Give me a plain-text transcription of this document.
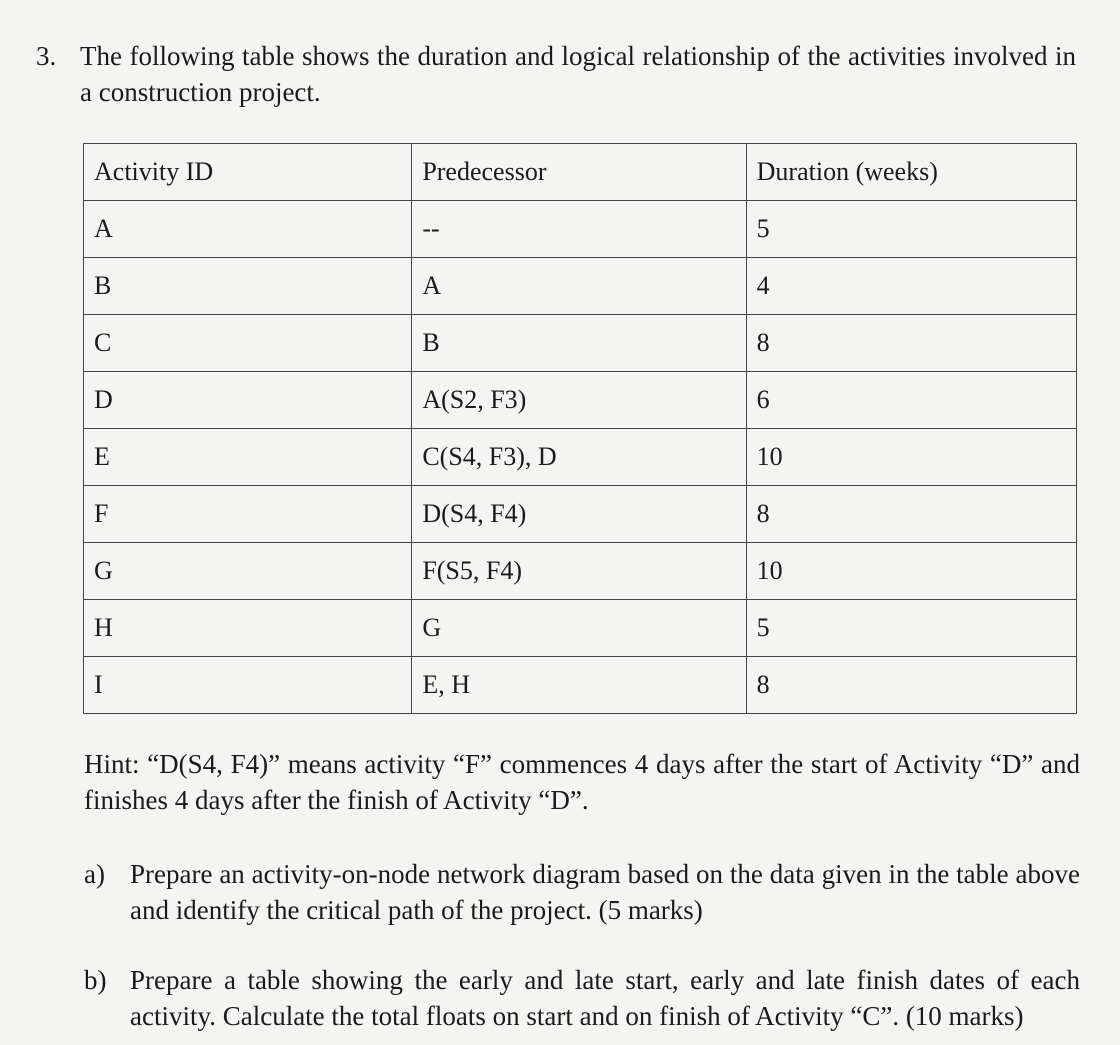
3. The following table shows the duration and logical relationship of the activities involved in a construction project.
Activity ID	Predecessor	Duration (weeks)
A	--	5
B	A	4
C	B	8
D	A(S2, F3)	6
E	C(S4, F3), D	10
F	D(S4, F4)	8
G	F(S5, F4)	10
H	G	5
I	E, H	8
Hint: “D(S4, F4)” means activity “F” commences 4 days after the start of Activity “D” and finishes 4 days after the finish of Activity “D”.
a) Prepare an activity-on-node network diagram based on the data given in the table above and identify the critical path of the project. (5 marks)
b) Prepare a table showing the early and late start, early and late finish dates of each activity. Calculate the total floats on start and on finish of Activity “C”. (10 marks)
